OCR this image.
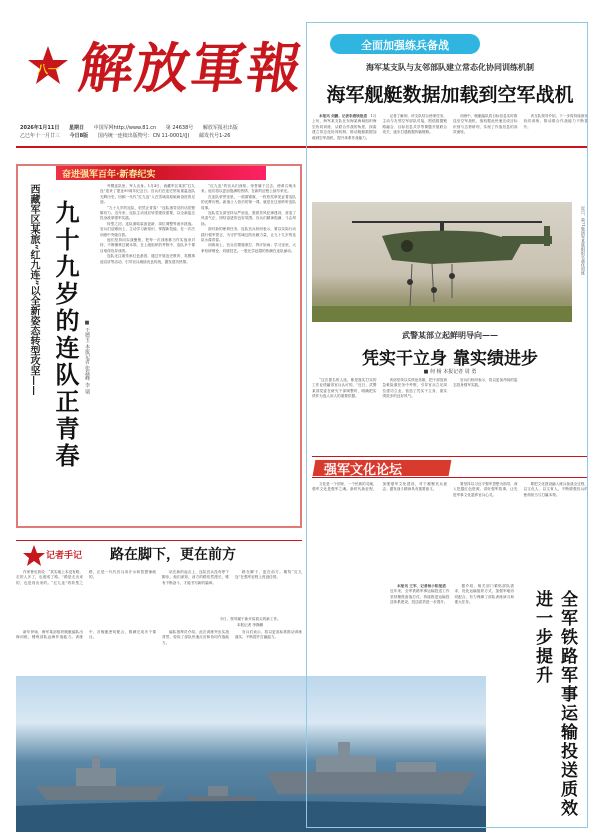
八一 解放軍報
2026年1月11日 星期日 中国军网http://www.81.cn 第 24638号 解放军报社出版
乙巳年十一月廿三 今日8版 国内统一连续出版物号：CN 11-0001/(J) 邮发代号1-26
全面加强练兵备战
海军某支队与友邻部队建立常态化协同训练机制
海军舰艇数据加载到空军战机

本报讯 刘鹏、记者李唐欣报道　1月上旬，海军某支队在东海某海域组织海空协同训练，从联合作战的角度，探索建立常态化协同机制，推动舰艇数据加载到空军战机，提升体系作战能力。

记者了解到，该支队结合使命任务，主动与友邻空军部队对接，围绕数据链路融合、目标信息共享等课题开展联合攻关，逐步打通数据传输链路。

训练中，舰艇编队将目标信息实时推送至空军战机，战机据此快速完成目标识别与态势研判，实现了作战信息的高效流转。

该支队领导介绍，下一步将持续深化协同训练，推动联合作战能力不断提升。

近日，第71集团军某旅组织实战化训练
武警某部立起鲜明导向——
凭实干立身 靠实绩进步
■ 何 杨 本报记者 周 勇

“这次提名的人选，都是靠实打实的工作业绩赢得官兵认可的。”近日，武警某部党委在研究干部调整时，明确把实绩作为选人用人的重要依据。

该部坚持以实绩论英雄，把干部放到急难险重任务中考察，引导官兵立足岗位建功立业，营造了凭实干立身、靠实绩进步的良好风气。

官兵们纷纷表示，将以更加昂扬的姿态投身强军实践。

强军文化论坛

文化是一个国家、一个民族的灵魂，强军文化是强军之魂。新时代新征程，加强强军文化建设，对于凝聚官兵意志、激发战斗精神具有重要意义。

要坚持以习近平强军思想为指导，深入挖掘红色资源，讲好强军故事，让先进军事文化滋养官兵心灵。

要把文化建设融入练兵备战全过程，以文化人、以文育人，不断增强官兵的使命担当与打赢本领。

奋进强军百年·新春纪实
西藏军区某旅“红九连”以全新姿态转型攻坚—— 九十九岁的连队正青春 ■ 王德玉 本报记者 张磊峰 李 瑞

劳模连队里，军人出身。1月4日，西藏军区某旅“红九连”迎来了建连99周年纪念日。官兵们在连史馆前重温连队光辉历史，回顾一代代“红九连”人在雪域高原砥砺奋进的足迹。

“九十九岁的连队，依然正青春！”连队指导员的话语铿锵有力。近年来，连队主动适应转型建设需要，以全新姿态投身改革强军实践。

转型之初，连队面临装备更新、岗位调整等诸多挑战。官兵们迎难而上，主动学习新知识、掌握新技能，在一次次训练中突破自我。

他们坚持向实战聚焦，把每一次训练都当作实战来对待，不断锤炼过硬本领。在上级组织的考核中，连队多个课目取得优异成绩。

连队还注重传承红色基因，通过开展连史教育、英模事迹宣讲等活动，引导官兵赓续优良传统，激发建功热情。

“红九连”的官兵们深知，荣誉属于过去，使命召唤未来。他们将以更加饱满的热情，在新的征程上续写荣光。

在连队荣誉室里，一面面锦旗、一枚枚奖章见证着连队的光辉历程。新战士入营后的第一课，就是在这里聆听连队故事。

连队党支部坚持从严治连，狠抓作风纪律建设，营造了风清气正、团结奋进的良好氛围。官兵们精神饱满、斗志昂扬。

面对新的使命任务，连队官兵纷纷表示，要以实际行动践行强军誓言，为守护雪域边防贡献力量，让九十九岁的连队永葆青春。

训练场上，官兵们摸爬滚打、挥汗如雨；学习室里，大家钻研理论、切磋技艺。一股比学赶超的热潮在连队涌动。

记者手记 路在脚下，更在前方

作家鲁迅曾说：“其实地上本没有路，走的人多了，也便成了路。”路是走出来的，也是闯出来的。“红九连”的转型之路，正是一代代官兵用汗水和智慧铺就的。

站在新的起点上，连队官兵没有停下脚步。他们深知，前方的路依然漫长，唯有不断奋斗，才能书写新的篇章。

路在脚下，更在前方。期待“红九连”在强军征程上再创佳绩。

今日，领导属于新开局看头的新工作。
本报记者 李斯鹏

新年伊始，海军某部组织舰艇编队出海训练，锤炼部队远海作战能力。训练中，各舰艇密切配合，圆满完成多个课目。

编队指挥员介绍，此次训练突出实战背景，检验了部队快速反应和协同作战能力。

官兵们表示，将以更高标准推动训练落实，不断提升打赢能力。

本报讯 王军、记者杨小阳报道　近年来，全军铁路军事运输投送工作坚持聚焦备战打仗，持续推进运输投送体系建设，投送质效进一步提升。

据介绍，相关部门紧贴部队需求，优化运输组织方式，加强军地协同配合，有力保障了部队训练演习和重大任务。	全军铁路军事运输投送质效进一步提升
